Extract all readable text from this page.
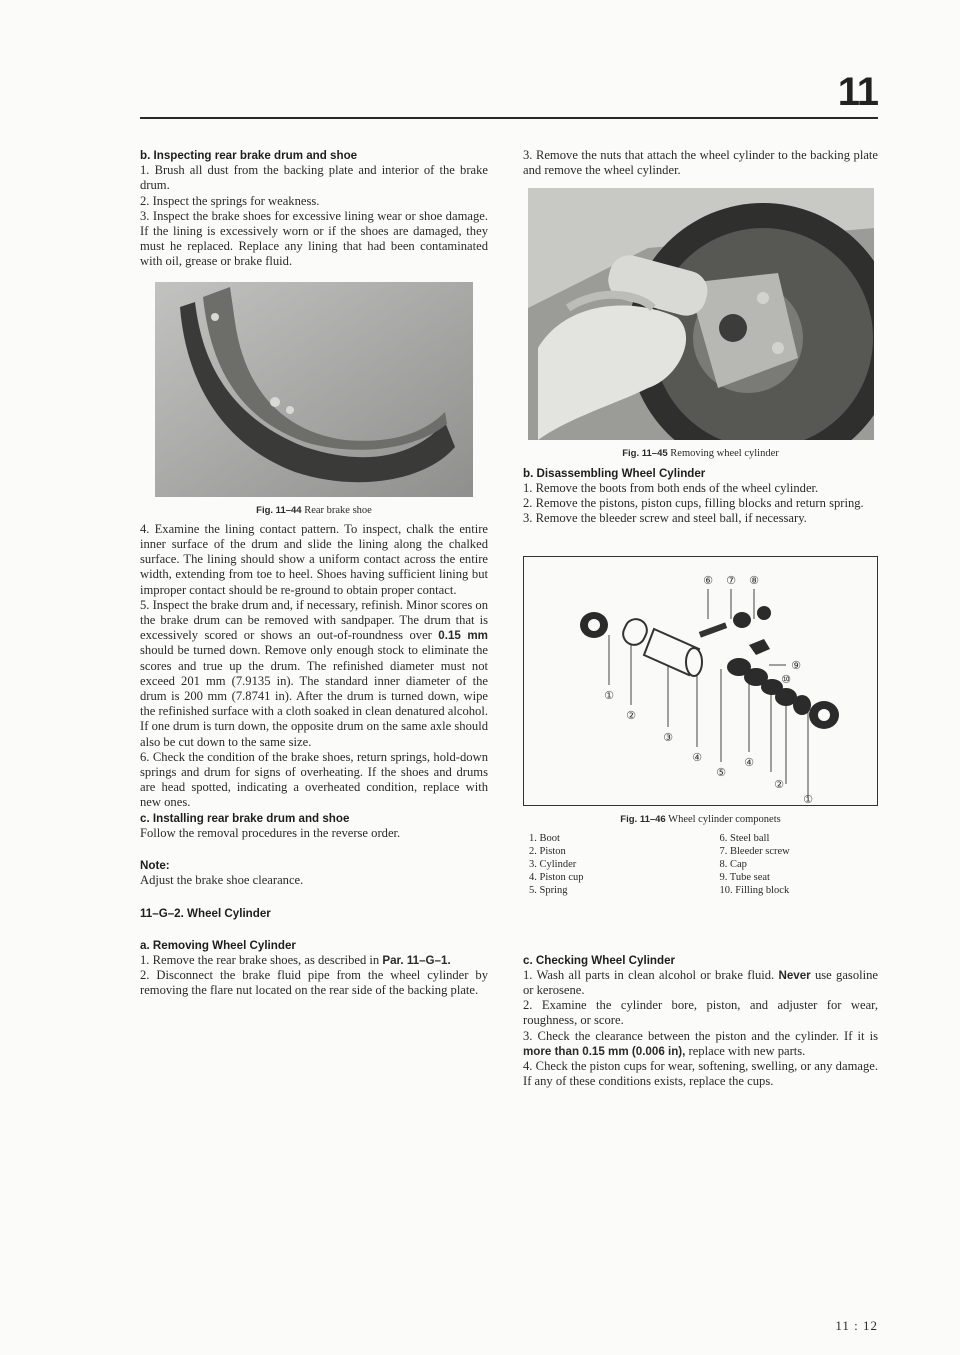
11

b. Inspecting rear brake drum and shoe

1. Brush all dust from the backing plate and interior of the brake drum.

2. Inspect the springs for weakness.

3. Inspect the brake shoes for excessive lining wear or shoe damage. If the lining is excessively worn or if the shoes are damaged, they must he replaced. Replace any lining that had been contaminated with oil, grease or brake fluid.

Fig. 11–44 Rear brake shoe

4. Examine the lining contact pattern. To inspect, chalk the entire inner surface of the drum and slide the lining along the chalked surface. The lining should show a uniform contact across the entire width, extending from toe to heel. Shoes having sufficient lining but improper contact should be re-ground to obtain proper contact.

5. Inspect the brake drum and, if necessary, refinish. Minor scores on the brake drum can be removed with sandpaper. The drum that is excessively scored or shows an out-of-roundness over 0.15 mm should be turned down. Remove only enough stock to eliminate the scores and true up the drum. The refinished diameter must not exceed 201 mm (7.9135 in). The standard inner diameter of the drum is 200 mm (7.8741 in). After the drum is turned down, wipe the refinished surface with a cloth soaked in clean denatured alcohol. If one drum is turn down, the opposite drum on the same axle should also be cut down to the same size.

6. Check the condition of the brake shoes, return springs, hold-down springs and drum for signs of overheating. If the shoes and drums are head spotted, indicating a overheated condition, replace with new ones.

c. Installing rear brake drum and shoe

Follow the removal procedures in the reverse order.

Note:

Adjust the brake shoe clearance.

11–G–2. Wheel Cylinder

a. Removing Wheel Cylinder

1. Remove the rear brake shoes, as described in Par. 11–G–1.

2. Disconnect the brake fluid pipe from the wheel cylinder by removing the flare nut located on the rear side of the backing plate.

3. Remove the nuts that attach the wheel cylinder to the backing plate and remove the wheel cylinder.

Fig. 11–45 Removing wheel cylinder

b. Disassembling Wheel Cylinder

1. Remove the boots from both ends of the wheel cylinder.

2. Remove the pistons, piston cups, filling blocks and return spring.

3. Remove the bleeder screw and steel ball, if necessary.

⑥ ⑦ ⑧
⑨
⑩
①
②
③
④
⑤
④
②
①
Fig. 11–46 Wheel cylinder componets
1. Boot
2. Piston
3. Cylinder
4. Piston cup
5. Spring
6. Steel ball
7. Bleeder screw
8. Cap
9. Tube seat
10. Filling block

c. Checking Wheel Cylinder

1. Wash all parts in clean alcohol or brake fluid. Never use gasoline or kerosene.

2. Examine the cylinder bore, piston, and adjuster for wear, roughness, or score.

3. Check the clearance between the piston and the cylinder. If it is more than 0.15 mm (0.006 in), replace with new parts.

4. Check the piston cups for wear, softening, swelling, or any damage. If any of these conditions exists, replace the cups.

11 : 12
